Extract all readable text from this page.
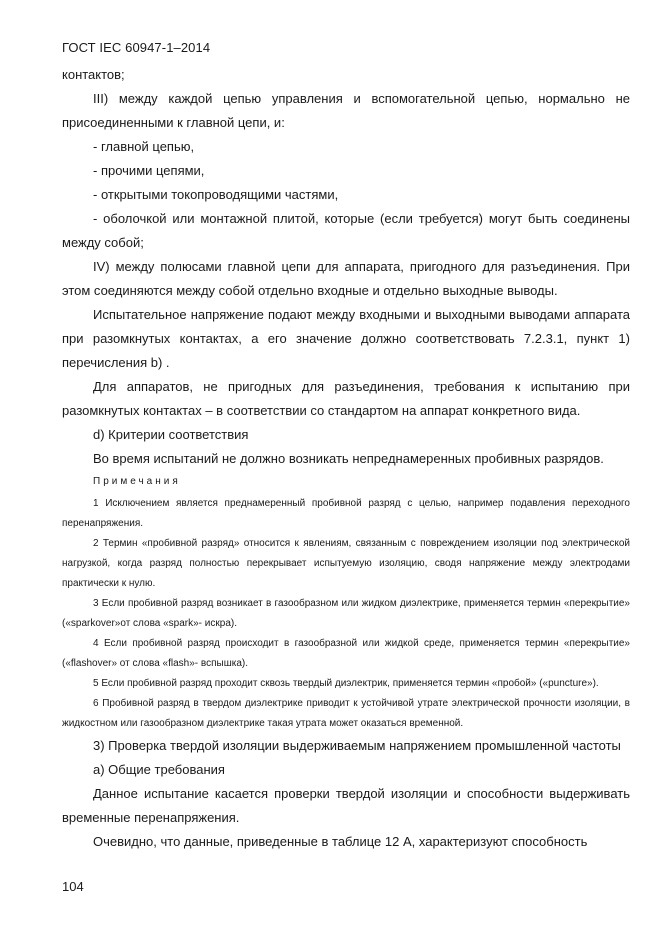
ГОСТ IEC 60947-1–2014

контактов;

III) между каждой цепью управления и вспомогательной цепью, нормально не присоединенными к главной цепи, и:

- главной цепью,

- прочими цепями,

- открытыми токопроводящими частями,

- оболочкой или монтажной плитой, которые (если требуется) могут быть соединены между собой;

IV) между полюсами главной цепи для аппарата, пригодного для разъединения. При этом соединяются между собой отдельно входные и отдельно выходные выводы.

Испытательное напряжение подают между входными и выходными выводами аппарата при разомкнутых контактах, а его значение должно соответствовать 7.2.3.1, пункт 1) перечисления b) .

Для аппаратов, не пригодных для разъединения, требования к испытанию при разомкнутых контактах – в соответствии со стандартом на аппарат конкретного вида.

d) Критерии соответствия

Во время испытаний не должно возникать непреднамеренных пробивных разрядов.

Примечания

1 Исключением является преднамеренный пробивной разряд с целью, например подавления переходного перенапряжения.

2 Термин «пробивной разряд» относится к явлениям, связанным с повреждением изоляции под электрической нагрузкой, когда разряд полностью перекрывает испытуемую изоляцию, сводя напряжение между электродами практически к нулю.

3 Если пробивной разряд возникает в газообразном или жидком диэлектрике, применяется термин «перекрытие» («sparkover»от слова «spark»- искра).

4 Если пробивной разряд происходит в газообразной или жидкой среде, применяется термин «перекрытие» («flashover» от слова «flash»- вспышка).

5 Если пробивной разряд проходит сквозь твердый диэлектрик, применяется термин «пробой» («puncture»).

6 Пробивной разряд в твердом диэлектрике приводит к устойчивой утрате электрической прочности изоляции, в жидкостном или газообразном диэлектрике такая утрата может оказаться временной.

3) Проверка твердой изоляции выдерживаемым напряжением промышленной частоты

a) Общие требования

Данное испытание касается проверки твердой изоляции и способности выдерживать временные перенапряжения.

Очевидно, что данные, приведенные в таблице 12 А, характеризуют способность

104
